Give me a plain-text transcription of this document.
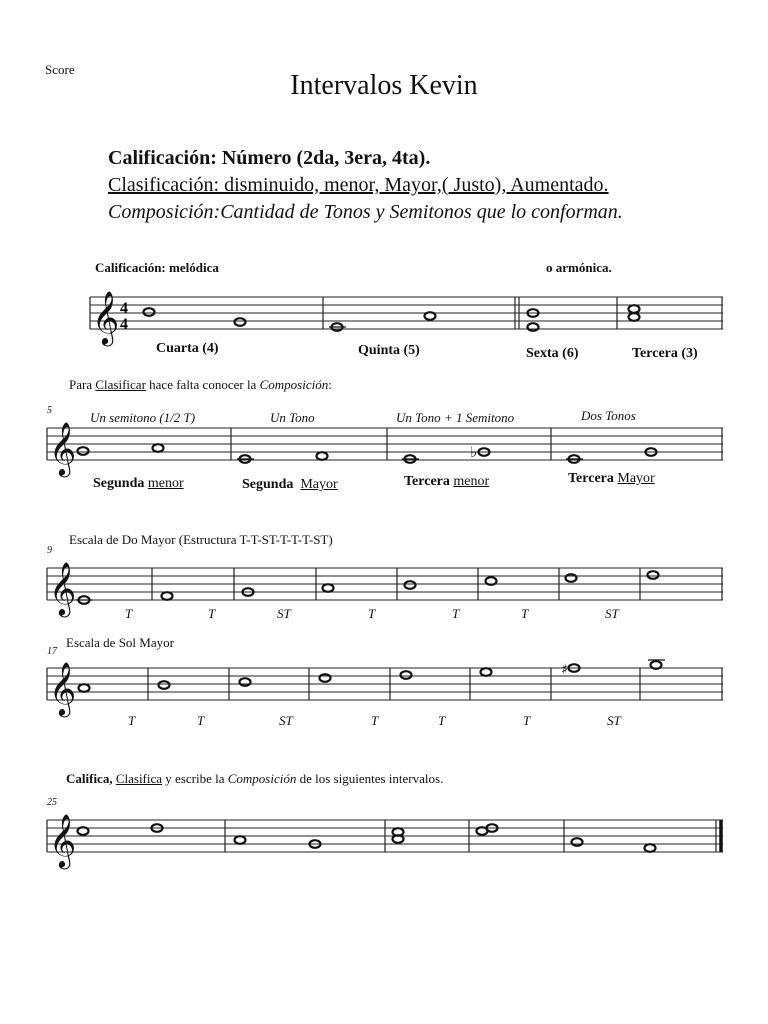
Score
Intervalos Kevin
Calificación: Número (2da, 3era, 4ta).
Clasificación: disminuido, menor, Mayor,( Justo), Aumentado.
Composición:Cantidad de Tonos y Semitonos que lo conforman.
Calificación: melódica	o armónica.
𝄞 4
4
Cuarta (4)	Quinta (5)	Sexta (6)	Tercera (3)
Para Clasificar hace falta conocer la Composición:
5	Un semitono (1/2 T)	Un Tono	Un Tono + 1 Semitono	Dos Tonos
𝄞	♭
Segunda menor	Segunda Mayor	Tercera menor	Tercera Mayor
Escala de Do Mayor (Estructura T-T-ST-T-T-T-ST)
9
𝄞	T	T	ST	T	T	T	ST
Escala de Sol Mayor
17
𝄞	♯
T	T	ST	T	T	T	ST
Califica, Clasifica y escribe la Composición de los siguientes intervalos.
25
𝄞
